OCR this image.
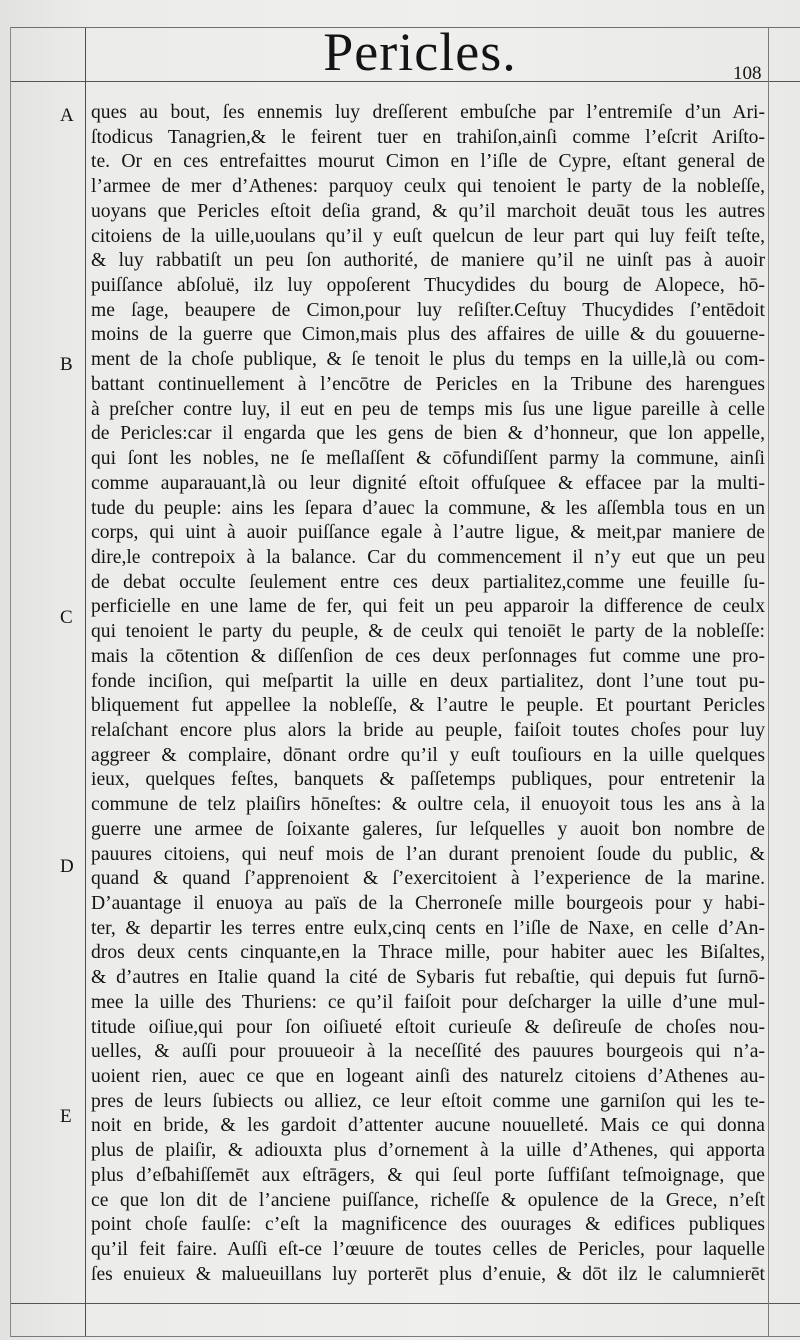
Pericles.	108
A
B
C
D
E
ques au bout, ſes ennemis luy dreſſerent embuſche par l’entremiſe d’un Ari-
ſtodicus Tanagrien,& le feirent tuer en trahiſon,ainſi comme l’eſcrit Ariſto-
te. Or en ces entrefaittes mourut Cimon en l’iſle de Cypre, eſtant general de
l’armee de mer d’Athenes: parquoy ceulx qui tenoient le party de la nobleſſe,
uoyans que Pericles eſtoit deſia grand, & qu’il marchoit deuāt tous les autres
citoiens de la uille,uoulans qu’il y euſt quelcun de leur part qui luy feiſt teſte,
& luy rabbatiſt un peu ſon authorité, de maniere qu’il ne uinſt pas à auoir
puiſſance abſoluë, ilz luy oppoſerent Thucydides du bourg de Alopece, hō-
me ſage, beaupere de Cimon,pour luy reſiſter.Ceſtuy Thucydides ſ’entēdoit
moins de la guerre que Cimon,mais plus des affaires de uille & du gouuerne-
ment de la choſe publique, & ſe tenoit le plus du temps en la uille,là ou com-
battant continuellement à l’encōtre de Pericles en la Tribune des harengues
à preſcher contre luy, il eut en peu de temps mis ſus une ligue pareille à celle
de Pericles:car il engarda que les gens de bien & d’honneur, que lon appelle,
qui ſont les nobles, ne ſe meſlaſſent & cōfundiſſent parmy la commune, ainſi
comme auparauant,là ou leur dignité eſtoit offuſquee & effacee par la multi-
tude du peuple: ains les ſepara d’auec la commune, & les aſſembla tous en un
corps, qui uint à auoir puiſſance egale à l’autre ligue, & meit,par maniere de
dire,le contrepoix à la balance. Car du commencement il n’y eut que un peu
de debat occulte ſeulement entre ces deux partialitez,comme une feuille ſu-
perficielle en une lame de fer, qui feit un peu apparoir la difference de ceulx
qui tenoient le party du peuple, & de ceulx qui tenoiēt le party de la nobleſſe:
mais la cōtention & diſſenſion de ces deux perſonnages fut comme une pro-
fonde inciſion, qui meſpartit la uille en deux partialitez, dont l’une tout pu-
bliquement fut appellee la nobleſſe, & l’autre le peuple. Et pourtant Pericles
relaſchant encore plus alors la bride au peuple, faiſoit toutes choſes pour luy
aggreer & complaire, dōnant ordre qu’il y euſt touſiours en la uille quelques
ieux, quelques feſtes, banquets & paſſetemps publiques, pour entretenir la
commune de telz plaiſirs hōneſtes: & oultre cela, il enuoyoit tous les ans à la
guerre une armee de ſoixante galeres, ſur leſquelles y auoit bon nombre de
pauures citoiens, qui neuf mois de l’an durant prenoient ſoude du public, &
quand & quand ſ’apprenoient & ſ’exercitoient à l’experience de la marine.
D’auantage il enuoya au païs de la Cherroneſe mille bourgeois pour y habi-
ter, & departir les terres entre eulx,cinq cents en l’iſle de Naxe, en celle d’An-
dros deux cents cinquante,en la Thrace mille, pour habiter auec les Biſaltes,
& d’autres en Italie quand la cité de Sybaris fut rebaſtie, qui depuis fut ſurnō-
mee la uille des Thuriens: ce qu’il faiſoit pour deſcharger la uille d’une mul-
titude oiſiue,qui pour ſon oiſiueté eſtoit curieuſe & deſireuſe de choſes nou-
uelles, & auſſi pour prouueoir à la neceſſité des pauures bourgeois qui n’a-
uoient rien, auec ce que en logeant ainſi des naturelz citoiens d’Athenes au-
pres de leurs ſubiects ou alliez, ce leur eſtoit comme une garniſon qui les te-
noit en bride, & les gardoit d’attenter aucune nouuelleté. Mais ce qui donna
plus de plaiſir, & adiouxta plus d’ornement à la uille d’Athenes, qui apporta
plus d’eſbahiſſemēt aux eſtrāgers, & qui ſeul porte ſuffiſant teſmoignage, que
ce que lon dit de l’anciene puiſſance, richeſſe & opulence de la Grece, n’eſt
point choſe faulſe: c’eſt la magnificence des ouurages & edifices publiques
qu’il feit faire. Auſſi eſt-ce l’œuure de toutes celles de Pericles, pour laquelle
ſes enuieux & malueuillans luy porterēt plus d’enuie, & dōt ilz le calumnierēt
